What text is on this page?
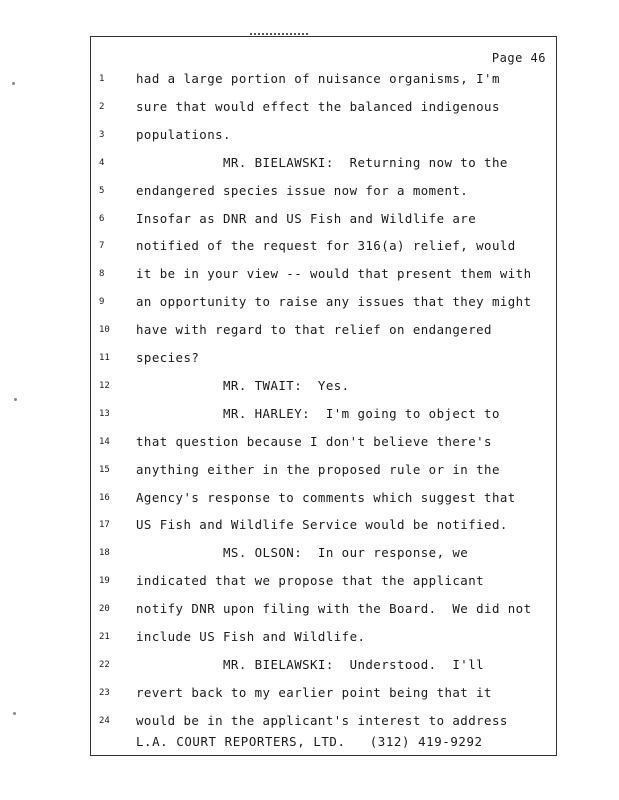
Page 46
1	had a large portion of nuisance organisms, I'm
2	sure that would effect the balanced indigenous
3	populations.
4	MR. BIELAWSKI:  Returning now to the
5	endangered species issue now for a moment.
6	Insofar as DNR and US Fish and Wildlife are
7	notified of the request for 316(a) relief, would
8	it be in your view -- would that present them with
9	an opportunity to raise any issues that they might
10	have with regard to that relief on endangered
11	species?
12	MR. TWAIT:  Yes.
13	MR. HARLEY:  I'm going to object to
14	that question because I don't believe there's
15	anything either in the proposed rule or in the
16	Agency's response to comments which suggest that
17	US Fish and Wildlife Service would be notified.
18	MS. OLSON:  In our response, we
19	indicated that we propose that the applicant
20	notify DNR upon filing with the Board.  We did not
21	include US Fish and Wildlife.
22	MR. BIELAWSKI:  Understood.  I'll
23	revert back to my earlier point being that it
24	would be in the applicant's interest to address
L.A. COURT REPORTERS, LTD.   (312) 419-9292
